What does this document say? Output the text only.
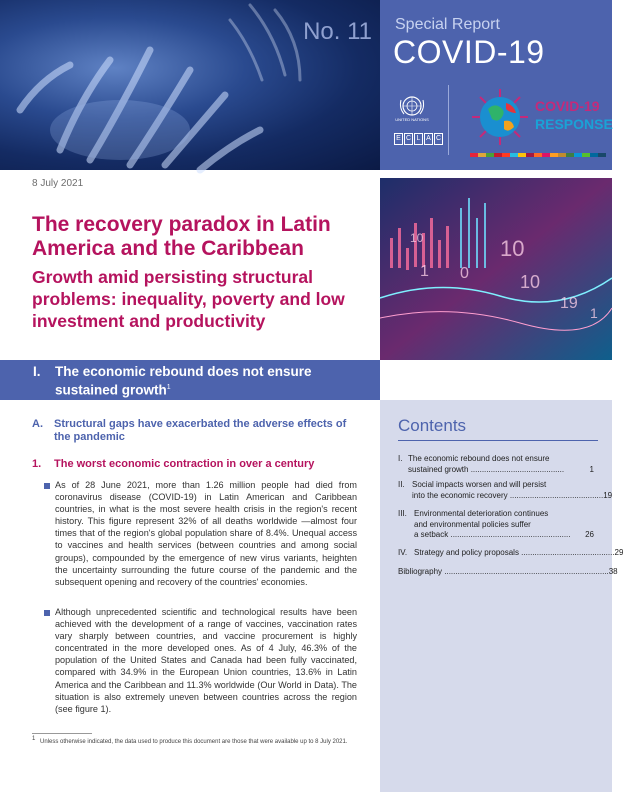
No. 11 Special Report
COVID-19
UNITED NATIONS
E C L A C
COVID-19
RESPONSE
8 July 2021
The recovery paradox in Latin America and the Caribbean
Growth amid persisting structural problems: inequality, poverty and low investment and productivity
10	10
1 0	10
19
1
I. The economic rebound does not ensure sustained growth$^1$
Contents
I. The economic rebound does not ensure
sustained growth ..........................................	1
II. Social impacts worsen and will persist
into the economic recovery .......................................... 19
III. Environmental deterioration continues
and environmental policies suffer
a setback ......................................................	26
IV. Strategy and policy proposals .......................................... 29
Bibliography .......................................................................... 38
A. Structural gaps have exacerbated the adverse effects of the pandemic
1. The worst economic contraction in over a century
As of 28 June 2021, more than 1.26 million people had died from coronavirus disease (COVID-19) in Latin American and Caribbean countries, in what is the most severe health crisis in the region's recent history. This figure represent 32% of all deaths worldwide —almost four times that of the region's global population share of 8.4%. Unequal access to vaccines and health services (between countries and among social groups), compounded by the emergence of new virus variants, heighten the uncertainty surrounding the future course of the pandemic and the subsequent opening and recovery of the countries' economies.
Although unprecedented scientific and technological results have been achieved with the development of a range of vaccines, vaccination rates vary sharply between countries, and vaccine procurement is highly concentrated in the more developed ones. As of 4 July, 46.3% of the population of the United States and Canada had been fully vaccinated, compared with 34.9% in the European Union countries, 13.6% in Latin America and the Caribbean and 11.3% worldwide (Our World in Data). The situation is also extremely uneven between countries across the region (see figure 1).
1 Unless otherwise indicated, the data used to produce this document are those that were available up to 8 July 2021.
